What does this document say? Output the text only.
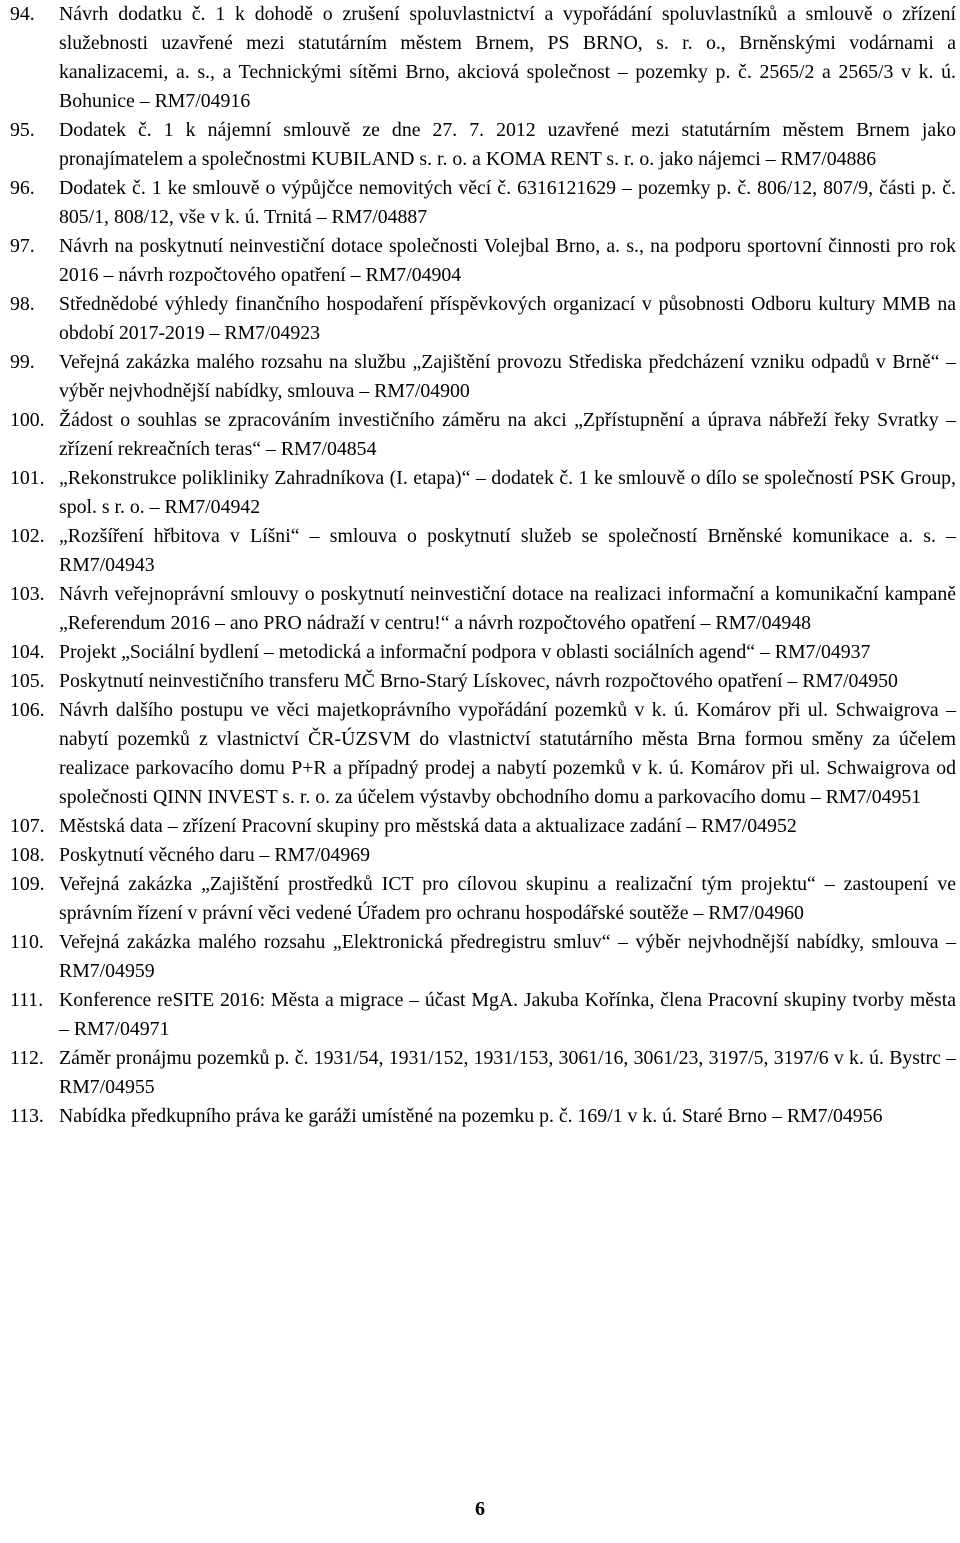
94.	Návrh dodatku č. 1 k dohodě o zrušení spoluvlastnictví a vypořádání spoluvlastníků a smlouvě o zřízení služebnosti uzavřené mezi statutárním městem Brnem, PS BRNO, s. r. o., Brněnskými vodárnami a kanalizacemi, a. s., a Technickými sítěmi Brno, akciová společnost – pozemky p. č. 2565/2 a 2565/3 v k. ú. Bohunice – RM7/04916
95.	Dodatek č. 1 k nájemní smlouvě ze dne 27. 7. 2012 uzavřené mezi statutárním městem Brnem jako pronajímatelem a společnostmi KUBILAND s. r. o. a KOMA RENT s. r. o. jako nájemci – RM7/04886
96.	Dodatek č. 1 ke smlouvě o výpůjčce nemovitých věcí č. 6316121629 – pozemky p. č. 806/12, 807/9, části p. č. 805/1, 808/12, vše v k. ú. Trnitá – RM7/04887
97.	Návrh na poskytnutí neinvestiční dotace společnosti Volejbal Brno, a. s., na podporu sportovní činnosti pro rok 2016 – návrh rozpočtového opatření – RM7/04904
98.	Střednědobé výhledy finančního hospodaření příspěvkových organizací v působnosti Odboru kultury MMB na období 2017-2019 – RM7/04923
99.	Veřejná zakázka malého rozsahu na službu „Zajištění provozu Střediska předcházení vzniku odpadů v Brně“ – výběr nejvhodnější nabídky, smlouva – RM7/04900
100. Žádost o souhlas se zpracováním investičního záměru na akci „Zpřístupnění a úprava nábřeží řeky Svratky – zřízení rekreačních teras“ – RM7/04854
101. „Rekonstrukce polikliniky Zahradníkova (I. etapa)“ – dodatek č. 1 ke smlouvě o dílo se společností PSK Group, spol. s r. o. – RM7/04942
102. „Rozšíření hřbitova v Líšni“ – smlouva o poskytnutí služeb se společností Brněnské komunikace a. s. – RM7/04943
103. Návrh veřejnoprávní smlouvy o poskytnutí neinvestiční dotace na realizaci informační a komunikační kampaně „Referendum 2016 – ano PRO nádraží v centru!“ a návrh rozpočtového opatření – RM7/04948
104. Projekt „Sociální bydlení – metodická a informační podpora v oblasti sociálních agend“ – RM7/04937
105. Poskytnutí neinvestičního transferu MČ Brno-Starý Lískovec, návrh rozpočtového opatření – RM7/04950
106. Návrh dalšího postupu ve věci majetkoprávního vypořádání pozemků v k. ú. Komárov při ul. Schwaigrova – nabytí pozemků z vlastnictví ČR-ÚZSVM do vlastnictví statutárního města Brna formou směny za účelem realizace parkovacího domu P+R a případný prodej a nabytí pozemků v k. ú. Komárov při ul. Schwaigrova od společnosti QINN INVEST s. r. o. za účelem výstavby obchodního domu a parkovacího domu – RM7/04951
107. Městská data – zřízení Pracovní skupiny pro městská data a aktualizace zadání – RM7/04952
108. Poskytnutí věcného daru – RM7/04969
109. Veřejná zakázka „Zajištění prostředků ICT pro cílovou skupinu a realizační tým projektu“ – zastoupení ve správním řízení v právní věci vedené Úřadem pro ochranu hospodářské soutěže – RM7/04960
110. Veřejná zakázka malého rozsahu „Elektronická předregistru smluv“ – výběr nejvhodnější nabídky, smlouva – RM7/04959
111. Konference reSITE 2016: Města a migrace – účast MgA. Jakuba Kořínka, člena Pracovní skupiny tvorby města – RM7/04971
112. Záměr pronájmu pozemků p. č. 1931/54, 1931/152, 1931/153, 3061/16, 3061/23, 3197/5, 3197/6 v k. ú. Bystrc – RM7/04955
113. Nabídka předkupního práva ke garáži umístěné na pozemku p. č. 169/1 v k. ú. Staré Brno – RM7/04956
6
